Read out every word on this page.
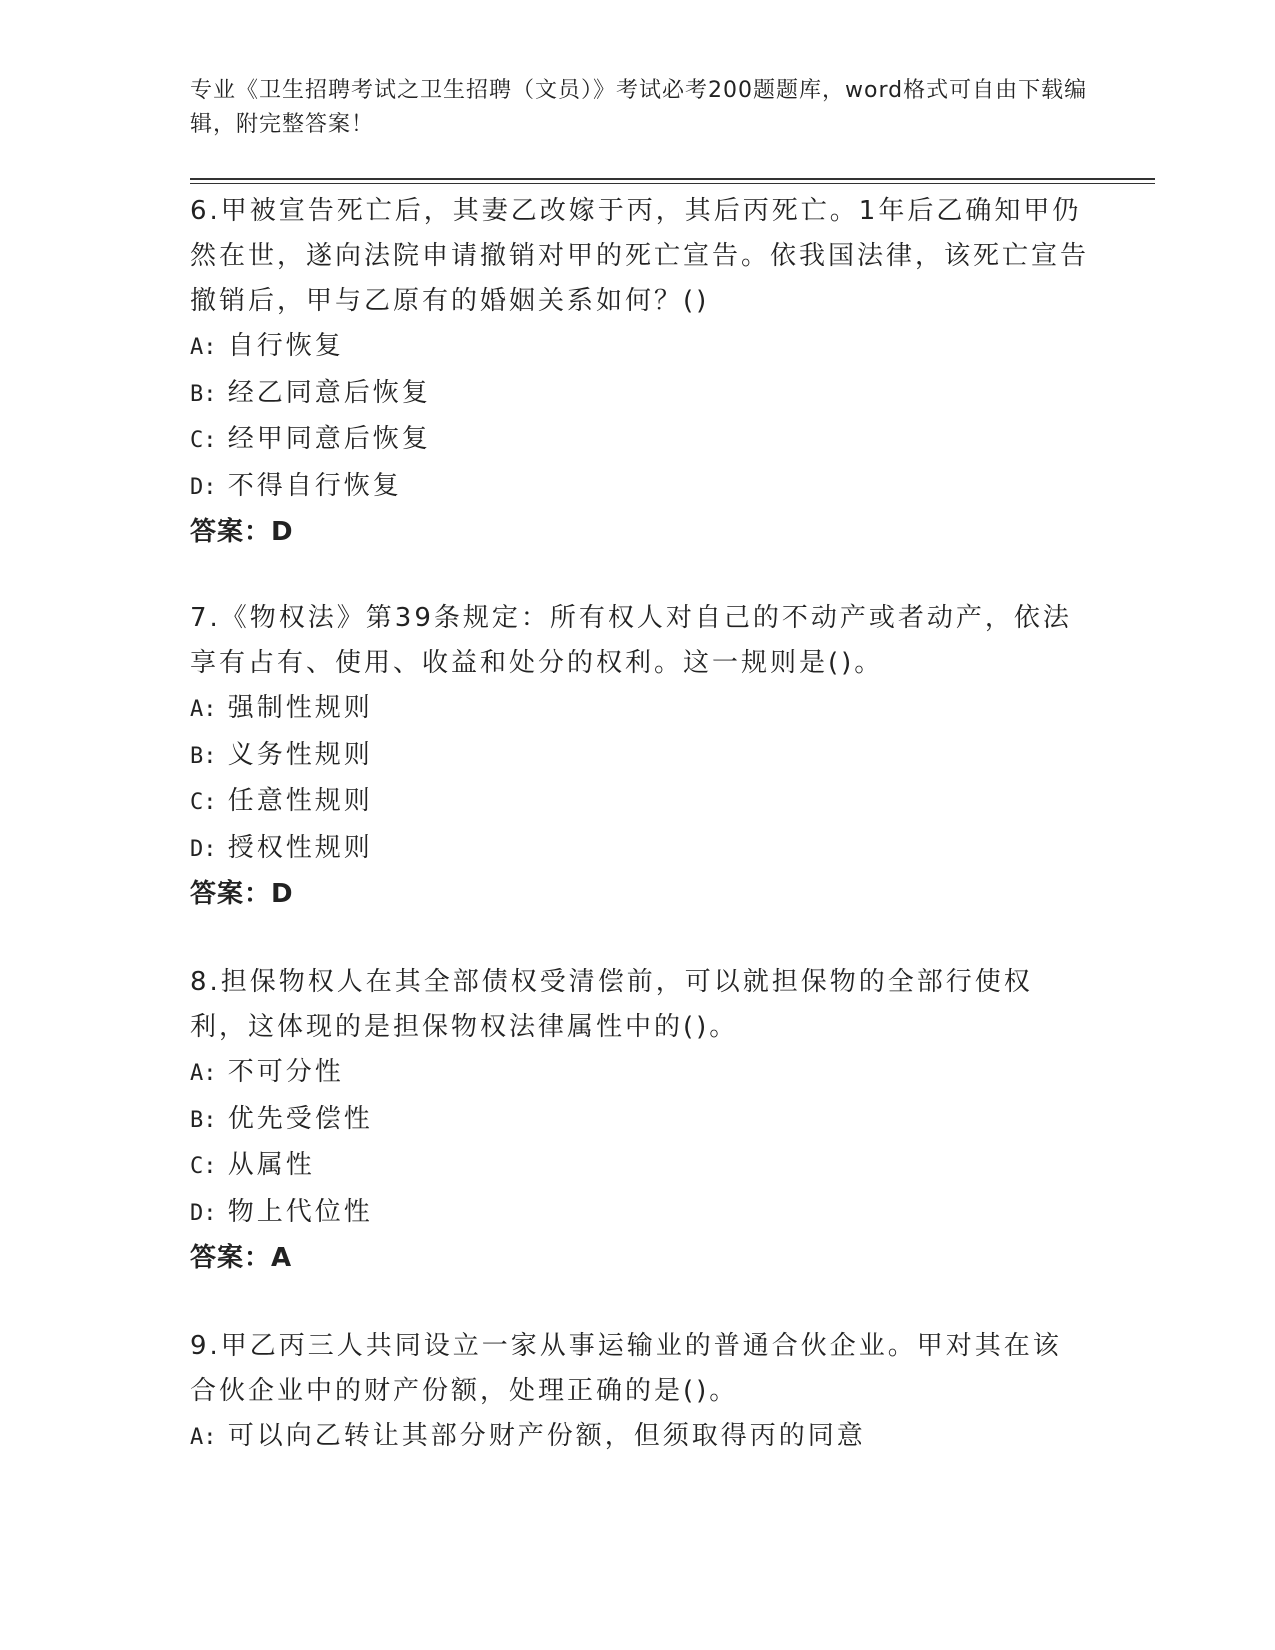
专业《卫生招聘考试之卫生招聘（文员）》考试必考200题题库，word格式可自由下载编辑，附完整答案！

6.甲被宣告死亡后，其妻乙改嫁于丙，其后丙死亡。1年后乙确知甲仍然在世，遂向法院申请撤销对甲的死亡宣告。依我国法律，该死亡宣告撤销后，甲与乙原有的婚姻关系如何？()

A: 自行恢复
B: 经乙同意后恢复
C: 经甲同意后恢复
D: 不得自行恢复
答案：D

7.《物权法》第39条规定：所有权人对自己的不动产或者动产，依法享有占有、使用、收益和处分的权利。这一规则是()。

A: 强制性规则
B: 义务性规则
C: 任意性规则
D: 授权性规则
答案：D

8.担保物权人在其全部债权受清偿前，可以就担保物的全部行使权利，这体现的是担保物权法律属性中的()。

A: 不可分性
B: 优先受偿性
C: 从属性
D: 物上代位性
答案：A

9.甲乙丙三人共同设立一家从事运输业的普通合伙企业。甲对其在该合伙企业中的财产份额，处理正确的是()。

A: 可以向乙转让其部分财产份额，但须取得丙的同意
